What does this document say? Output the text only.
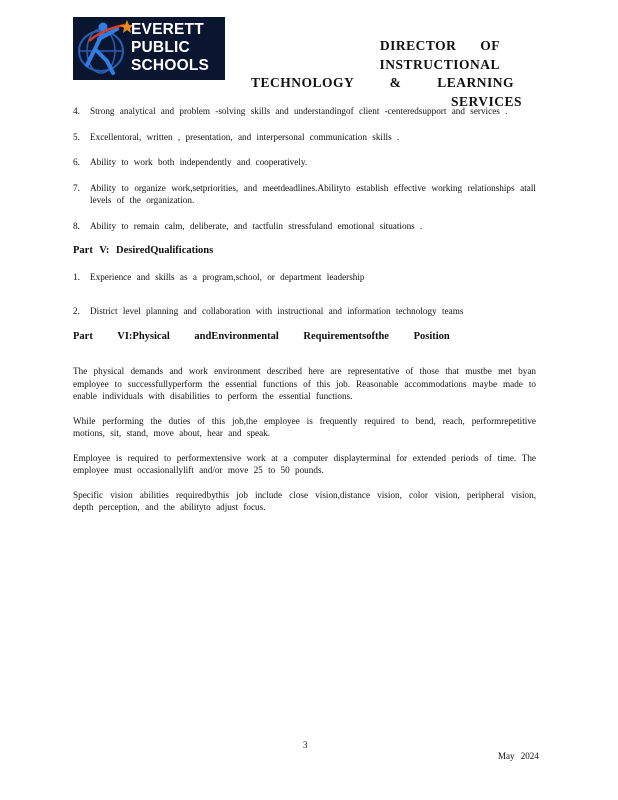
EVERETT
PUBLIC
SCHOOLS
DIRECTOR OF INSTRUCTIONAL
TECHNOLOGY & LEARNING
SERVICES
4.	Strong analytical and problem -solving skills and understandingof client -centeredsupport and services .
5.	Excellentoral, written , presentation, and interpersonal communication skills .
6.	Ability to work both independently and cooperatively.
7.	Ability to organize work,setpriorities, and meetdeadlines.Abilityto establish effective working relationships atall levels of the organization.
8.	Ability to remain calm, deliberate, and tactfulin stressfuland emotional situations .
Part V: DesiredQualifications
1.	Experience and skills as a program,school, or department leadership
2.	District level planning and collaboration with instructional and information technology teams
Part VI:Physical andEnvironmental Requirementsofthe Position
The physical demands and work environment described here are representative of those that mustbe met byan employee to successfullyperform the essential functions of this job. Reasonable accommodations maybe made to enable individuals with disabilities to perform the essential functions.
While performing the duties of this job,the employee is frequently required to bend, reach, performrepetitive motions, sit, stand, move about, hear and speak.
Employee is required to performextensive work at a computer displayterminal for extended periods of time. The employee must occasionallylift and/or move 25 to 50 pounds.
Specific vision abilities requiredbythis job include close vision,distance vision, color vision, peripheral vision, depth perception, and the abilityto adjust focus.
3
May 2024
